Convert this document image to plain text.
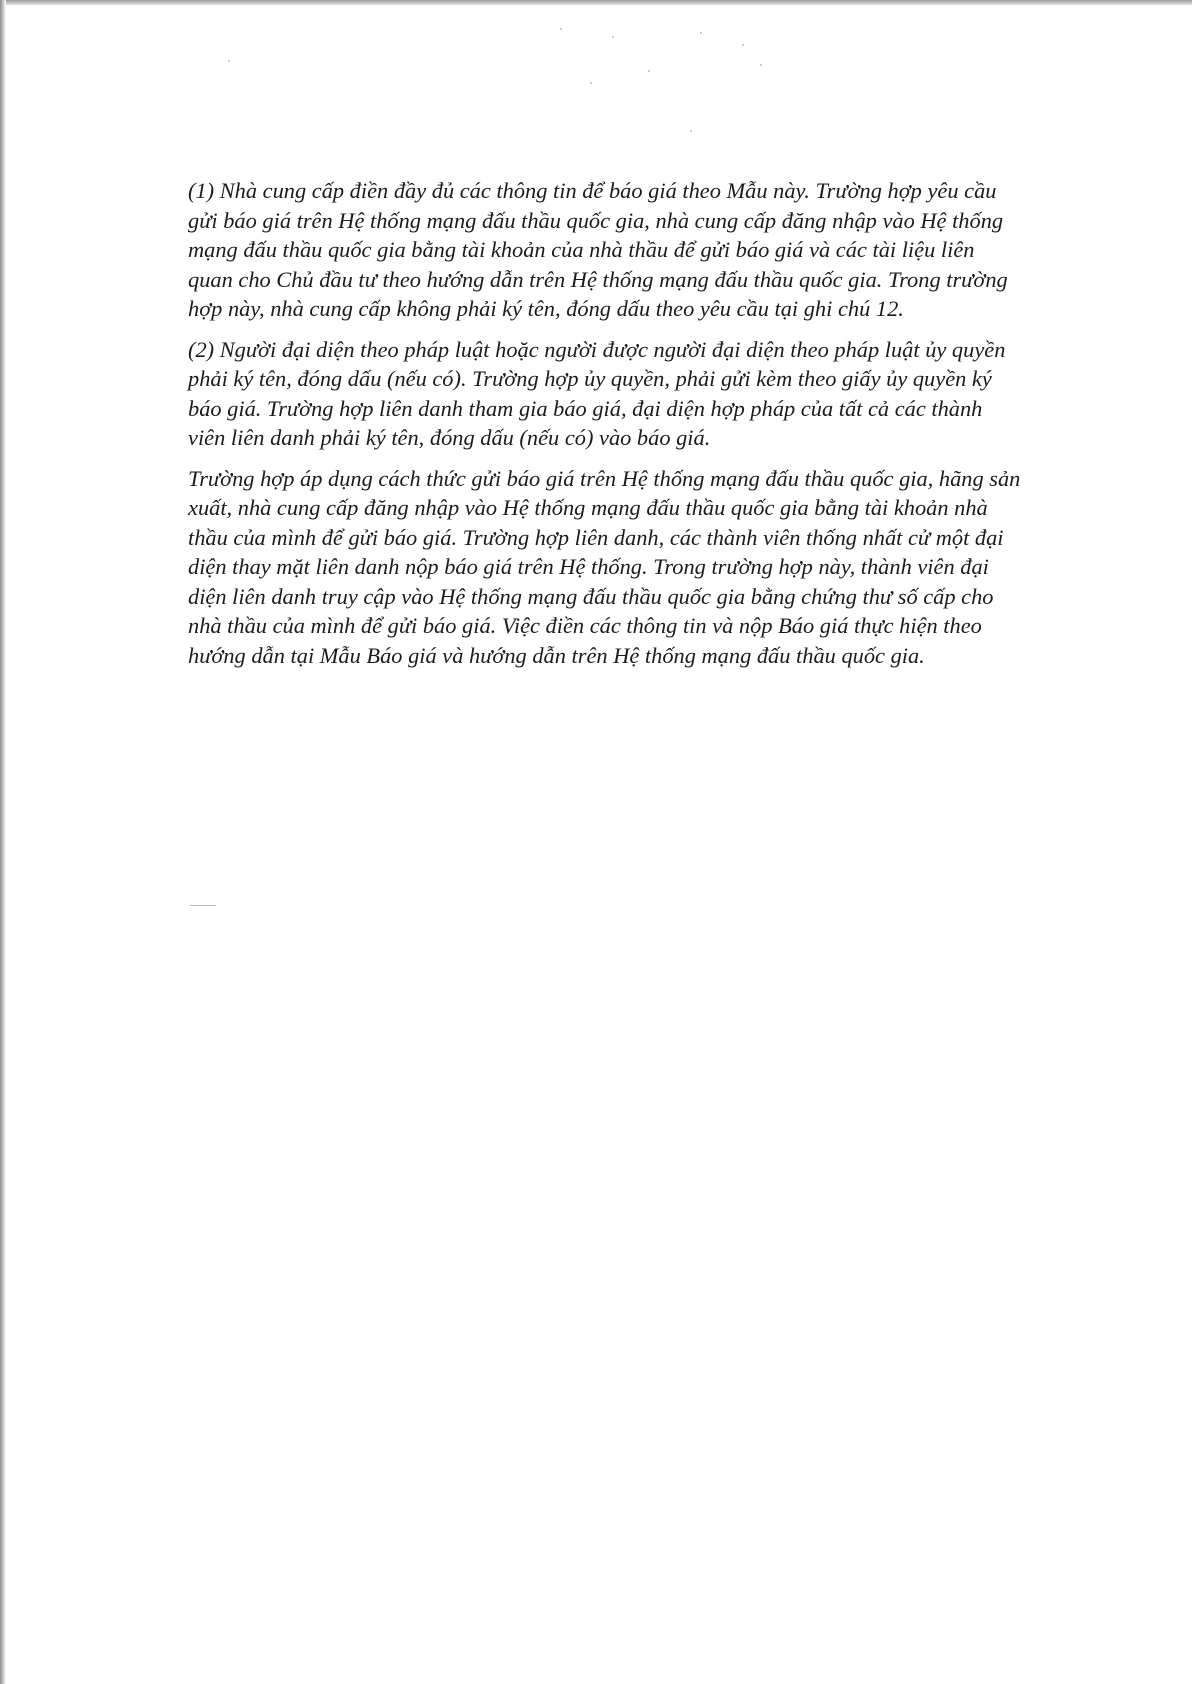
(1) Nhà cung cấp điền đầy đủ các thông tin để báo giá theo Mẫu này. Trường hợp yêu cầu
gửi báo giá trên Hệ thống mạng đấu thầu quốc gia, nhà cung cấp đăng nhập vào Hệ thống
mạng đấu thầu quốc gia bằng tài khoản của nhà thầu để gửi báo giá và các tài liệu liên
quan cho Chủ đầu tư theo hướng dẫn trên Hệ thống mạng đấu thầu quốc gia. Trong trường
hợp này, nhà cung cấp không phải ký tên, đóng dấu theo yêu cầu tại ghi chú 12.
(2) Người đại diện theo pháp luật hoặc người được người đại diện theo pháp luật ủy quyền
phải ký tên, đóng dấu (nếu có). Trường hợp ủy quyền, phải gửi kèm theo giấy ủy quyền ký
báo giá. Trường hợp liên danh tham gia báo giá, đại diện hợp pháp của tất cả các thành
viên liên danh phải ký tên, đóng dấu (nếu có) vào báo giá.
Trường hợp áp dụng cách thức gửi báo giá trên Hệ thống mạng đấu thầu quốc gia, hãng sản
xuất, nhà cung cấp đăng nhập vào Hệ thống mạng đấu thầu quốc gia bằng tài khoản nhà
thầu của mình để gửi báo giá. Trường hợp liên danh, các thành viên thống nhất cử một đại
diện thay mặt liên danh nộp báo giá trên Hệ thống. Trong trường hợp này, thành viên đại
diện liên danh truy cập vào Hệ thống mạng đấu thầu quốc gia bằng chứng thư số cấp cho
nhà thầu của mình để gửi báo giá. Việc điền các thông tin và nộp Báo giá thực hiện theo
hướng dẫn tại Mẫu Báo giá và hướng dẫn trên Hệ thống mạng đấu thầu quốc gia.
